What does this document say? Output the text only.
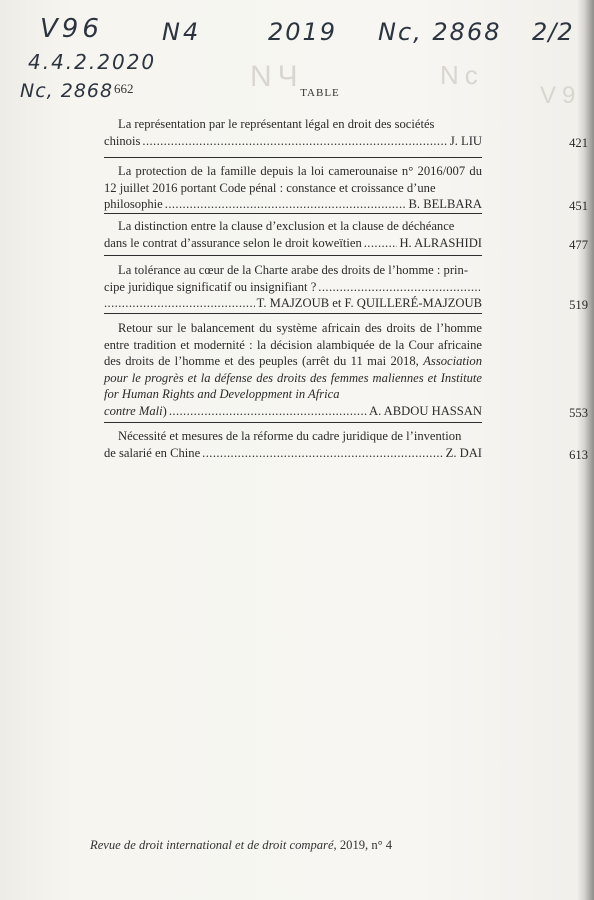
NЧ	Nc
V9
V96 N4	2019 Nc, 2868 2/2
4.4.2.2020
Nc, 2868 662	TABLE
La représentation par le représentant légal en droit des sociétés
chinois .....	J. LIU	421
La protection de la famille depuis la loi camerounaise n° 2016/007 du 12 juillet 2016 portant Code pénal : constance et croissance d’une
philosophie .....	B. BELBARA	451
La distinction entre la clause d’exclusion et la clause de déchéance
dans le contrat d’assurance selon le droit koweïtien .....	H. ALRASHIDI	477
La tolérance au cœur de la Charte arabe des droits de l’homme : prin-
cipe juridique significatif ou insignifiant ?
.....
.....
T. MAJZOUB et F. QUILLERÉ-MAJZOUB	519
Retour sur le balancement du système africain des droits de l’homme entre tradition et modernité : la décision alambiquée de la Cour africaine des droits de l’homme et des peuples (arrêt du 11 mai 2018, Association pour le progrès et la défense des droits des femmes maliennes et Institute for Human Rights and Developpment in Africa
contre Mali) .....	A. ABDOU HASSAN	553
Nécessité et mesures de la réforme du cadre juridique de l’invention
de salarié en Chine .....	Z. DAI	613
Revue de droit international et de droit comparé, 2019, n° 4
